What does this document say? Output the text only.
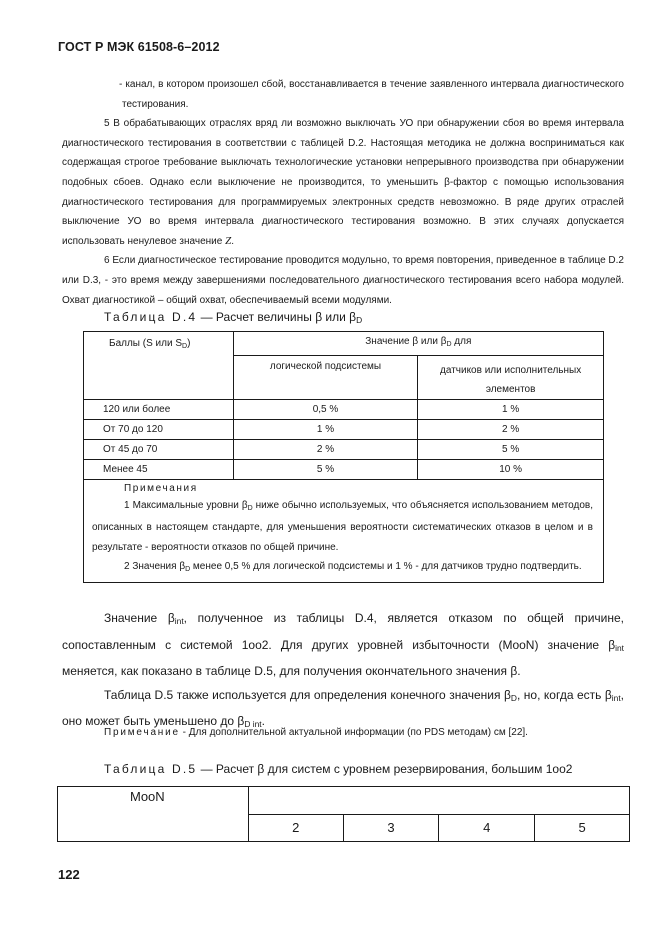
ГОСТ Р МЭК 61508-6–2012

- канал, в котором произошел сбой, восстанавливается в течение заявленного интервала диагностического тестирования.

5 В обрабатывающих отраслях вряд ли возможно выключать УО при обнаружении сбоя во время интервала диагностического тестирования в соответствии с таблицей D.2. Настоящая методика не должна восприниматься как содержащая строгое требование выключать технологические установки непрерывного производства при обнаружении подобных сбоев. Однако если выключение не производится, то уменьшить β-фактор с помощью использования диагностического тестирования для программируемых электронных средств невозможно. В ряде других отраслей выключение УО во время интервала диагностического тестирования возможно. В этих случаях допускается использовать ненулевое значение Z.

6 Если диагностическое тестирование проводится модульно, то время повторения, приведенное в таблице D.2 или D.3, - это время между завершениями последовательного диагностического тестирования всего набора модулей. Охват диагностикой – общий охват, обеспечиваемый всеми модулями.

Таблица D.4 — Расчет величины β или $\beta_D$
Баллы (S или $S_D$)	Значение β или $\beta_D$ для	
	логической подсистемы	датчиков или исполнительных элементов
120 или более	0,5 %	1 %
От 70 до 120	1 %	2 %
От 45 до 70	2 %	5 %
Менее 45	5 %	10 %

Примечания

1 Максимальные уровни $\beta_D$ ниже обычно используемых, что объясняется использованием методов, описанных в настоящем стандарте, для уменьшения вероятности систематических отказов в целом и в результате - вероятности отказов по общей причине.

2 Значения $\beta_D$ менее 0,5 % для логической подсистемы и 1 % - для датчиков трудно подтвердить.		

Значение $\beta_{int}$, полученное из таблицы D.4, является отказом по общей причине, сопоставленным с системой 1oo2. Для других уровней избыточности (MooN) значение $\beta_{int}$ меняется, как показано в таблице D.5, для получения окончательного значения β.

Таблица D.5 также используется для определения конечного значения $\beta_D$, но, когда есть $\beta_{int}$, оно может быть уменьшено до $\beta_{D int}$.

Примечание - Для дополнительной актуальной информации (по PDS методам) см [22].
Таблица D.5 — Расчет β для систем с уровнем резервирования, большим 1oo2
MooN				
	2	3	4	5
122
